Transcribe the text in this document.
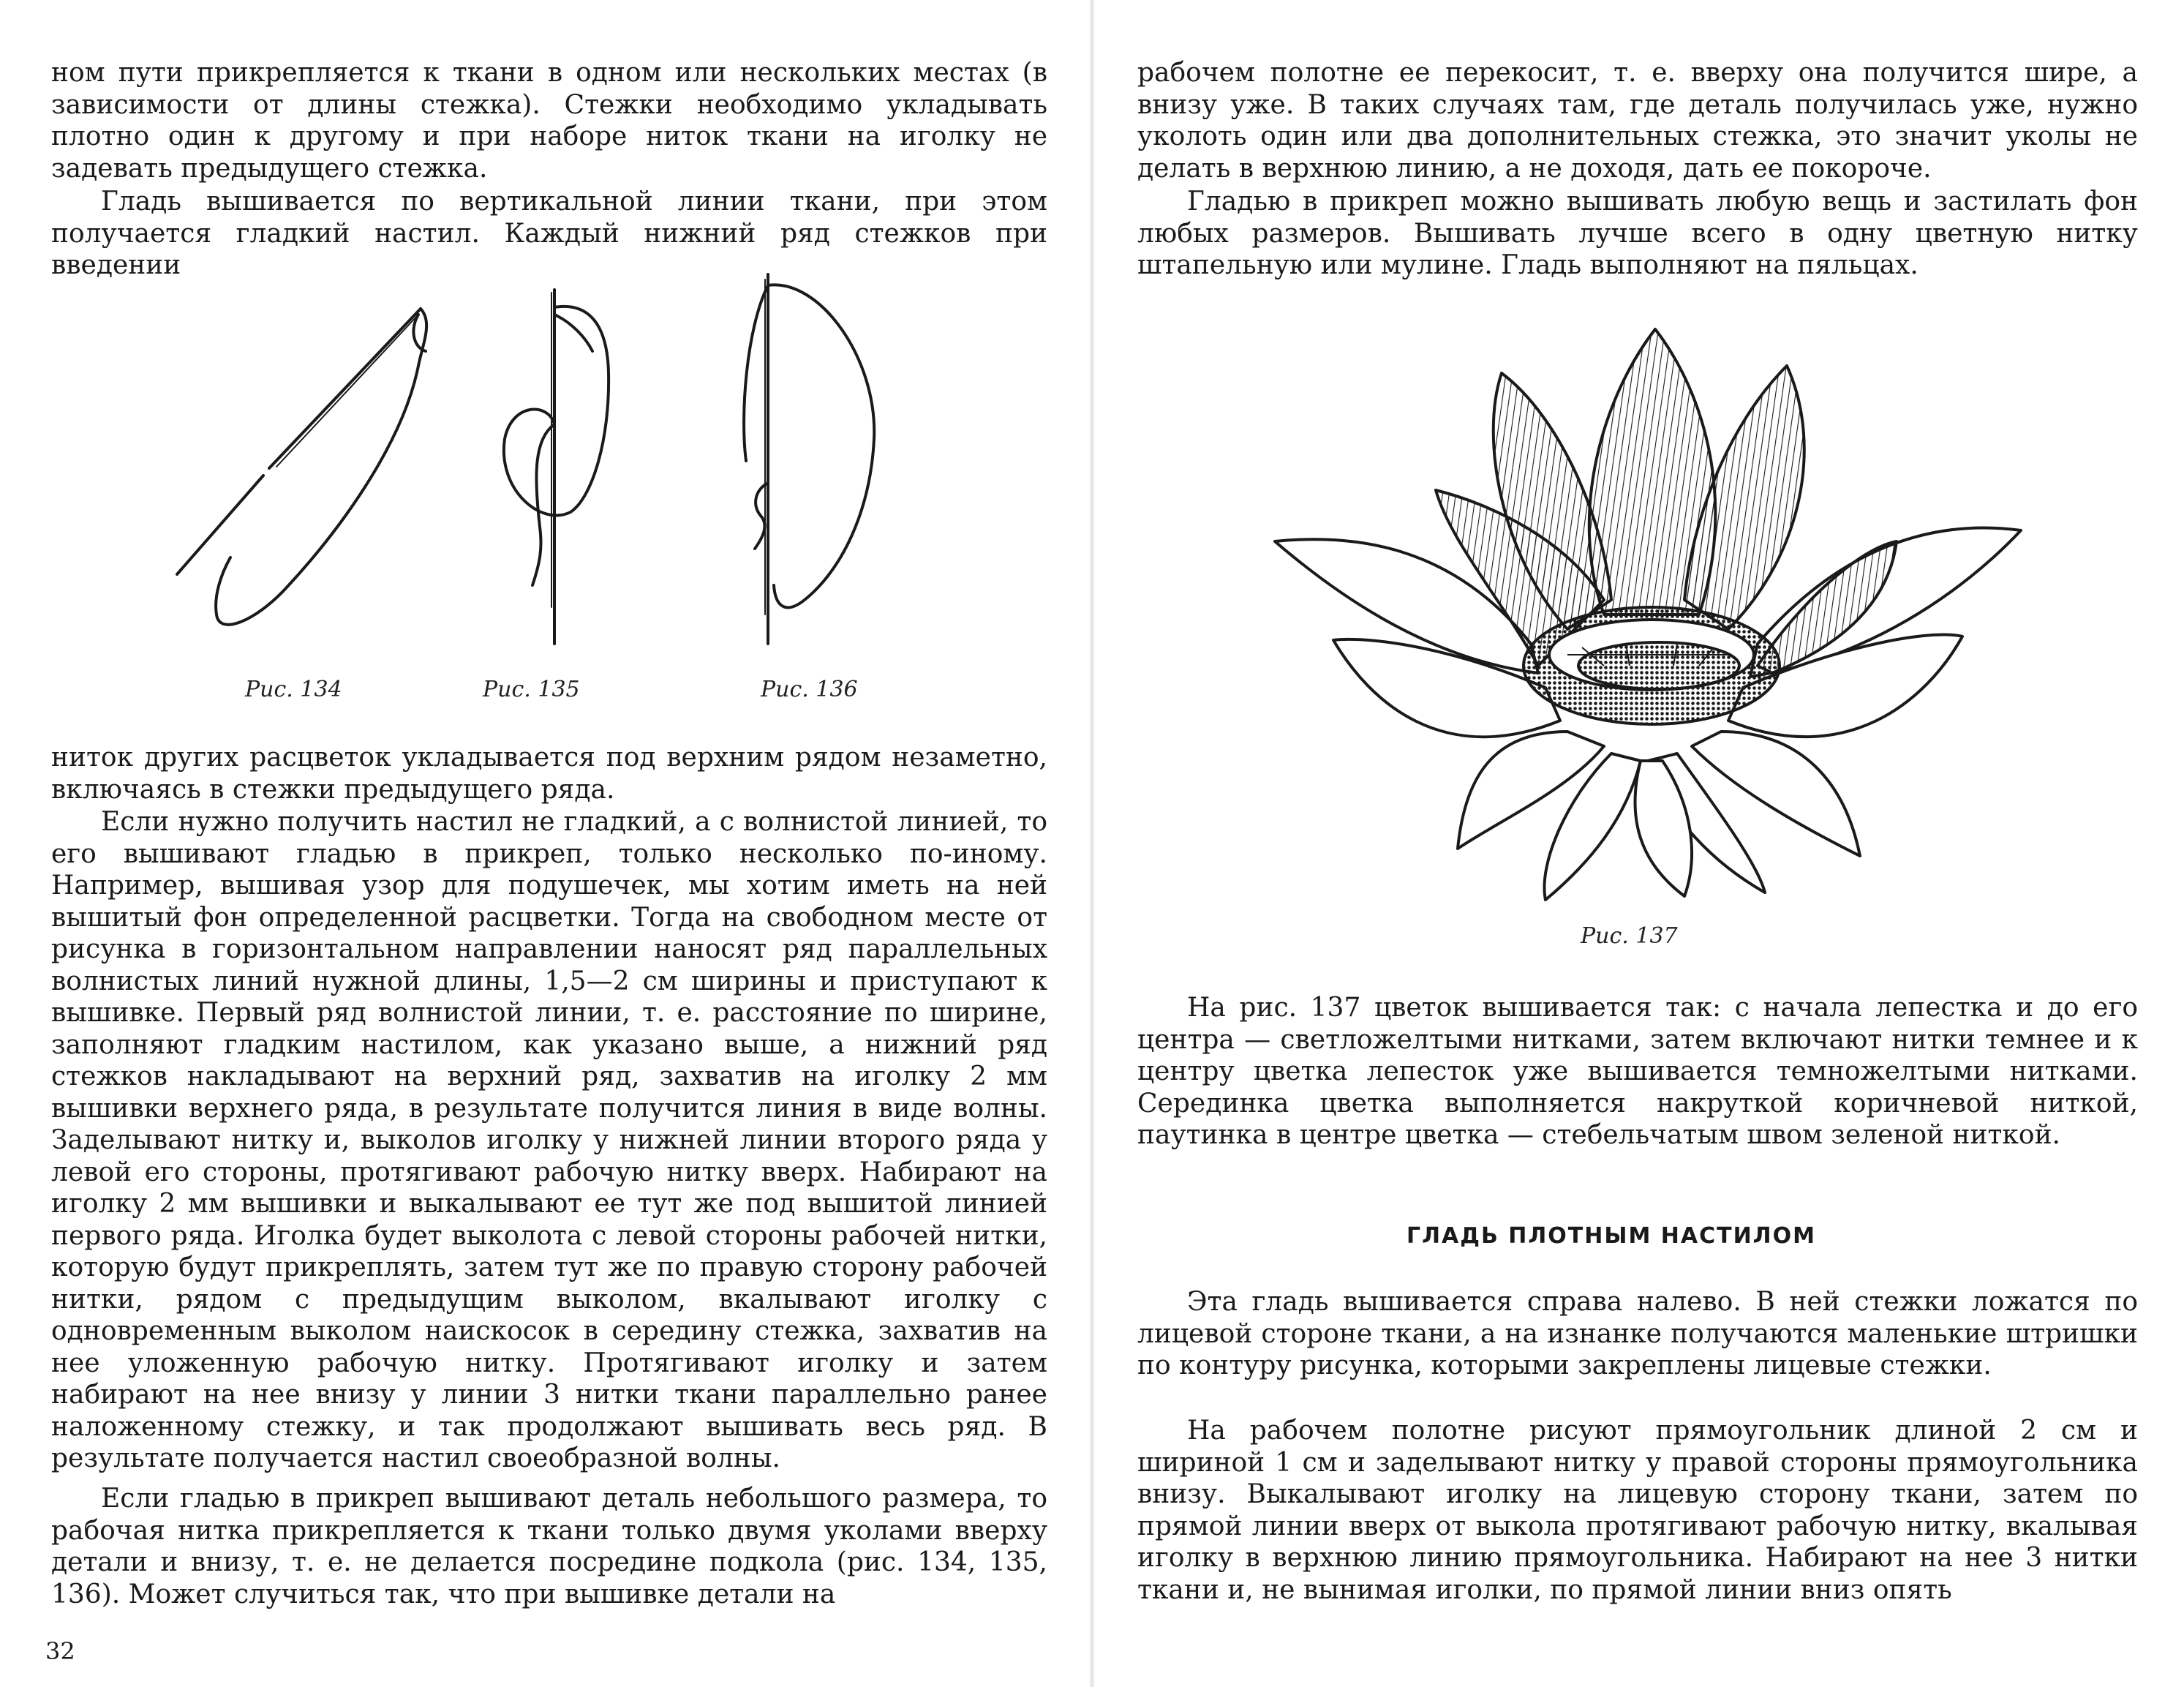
ном пути прикрепляется к ткани в одном или нескольких местах (в зависимости от длины стежка). Стежки необходимо укладывать плотно один к другому и при наборе ниток ткани на иголку не задевать предыдущего стежка.

Гладь вышивается по вертикальной линии ткани, при этом получается гладкий настил. Каждый нижний ряд стежков при введении

Рис. 134	Рис. 135	Рис. 136

ниток других расцветок укладывается под верхним рядом незаметно, включаясь в стежки предыдущего ряда.

Если нужно получить настил не гладкий, а с волнистой линией, то его вышивают гладью в прикреп, только несколько по-иному. Например, вышивая узор для подушечек, мы хотим иметь на ней вышитый фон определенной расцветки. Тогда на свободном месте от рисунка в горизонтальном направлении наносят ряд параллельных волнистых линий нужной длины, 1,5—2 см ширины и приступают к вышивке. Первый ряд волнистой линии, т. е. расстояние по ширине, заполняют гладким настилом, как указано выше, а нижний ряд стежков накладывают на верхний ряд, захватив на иголку 2 мм вышивки верхнего ряда, в результате получится линия в виде волны. Заделывают нитку и, выколов иголку у нижней линии второго ряда у левой его стороны, протягивают рабочую нитку вверх. Набирают на иголку 2 мм вышивки и выкалывают ее тут же под вышитой линией первого ряда. Иголка будет выколота с левой стороны рабочей нитки, которую будут прикреплять, затем тут же по правую сторону рабочей нитки, рядом с предыдущим выколом, вкалывают иголку с одновременным выколом наискосок в середину стежка, захватив на нее уложенную рабочую нитку. Протягивают иголку и затем набирают на нее внизу у линии 3 нитки ткани параллельно ранее наложенному стежку, и так продолжают вышивать весь ряд. В результате получается настил своеобразной волны.

Если гладью в прикреп вышивают деталь небольшого размера, то рабочая нитка прикрепляется к ткани только двумя уколами вверху детали и внизу, т. е. не делается посредине подкола (рис. 134, 135, 136). Может случиться так, что при вышивке детали на

32

рабочем полотне ее перекосит, т. е. вверху она получится шире, а внизу уже. В таких случаях там, где деталь получилась уже, нужно уколоть один или два дополнительных стежка, это значит уколы не делать в верхнюю линию, а не доходя, дать ее покороче.

Гладью в прикреп можно вышивать любую вещь и застилать фон любых размеров. Вышивать лучше всего в одну цветную нитку штапельную или мулине. Гладь выполняют на пяльцах.

Рис. 137

На рис. 137 цветок вышивается так: с начала лепестка и до его центра — светложелтыми нитками, затем включают нитки темнее и к центру цветка лепесток уже вышивается темножелтыми нитками. Серединка цветка выполняется накруткой коричневой ниткой, паутинка в центре цветка — стебельчатым швом зеленой ниткой.

ГЛАДЬ ПЛОТНЫМ НАСТИЛОМ

Эта гладь вышивается справа налево. В ней стежки ложатся по лицевой стороне ткани, а на изнанке получаются маленькие штришки по контуру рисунка, которыми закреплены лицевые стежки.

На рабочем полотне рисуют прямоугольник длиной 2 см и шириной 1 см и заделывают нитку у правой стороны прямоугольника внизу. Выкалывают иголку на лицевую сторону ткани, затем по прямой линии вверх от выкола протягивают рабочую нитку, вкалывая иголку в верхнюю линию прямоугольника. Набирают на нее 3 нитки ткани и, не вынимая иголки, по прямой линии вниз опять
